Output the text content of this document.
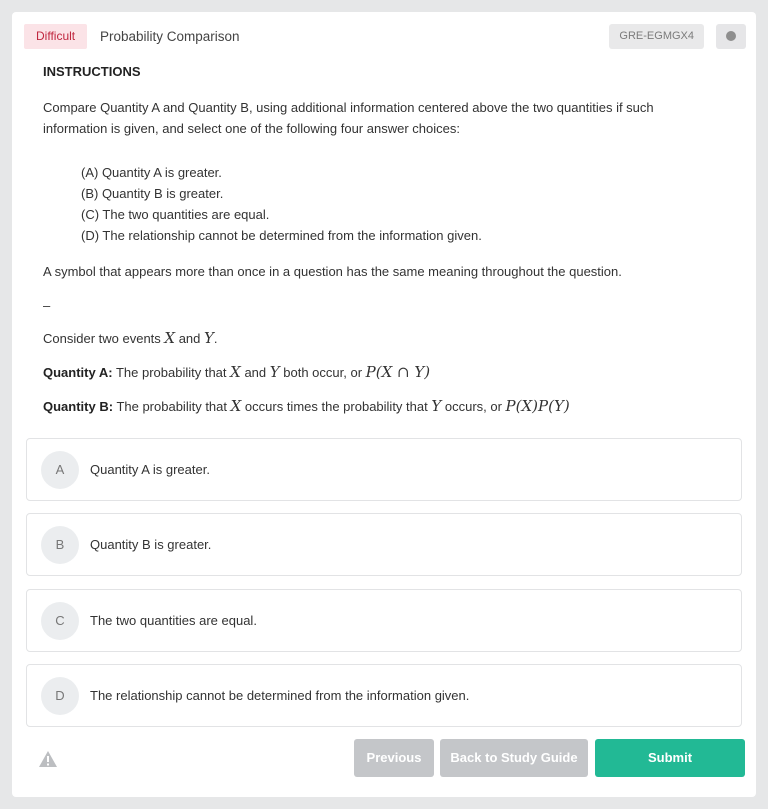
Difficult	Probability Comparison	GRE-EGMGX4
INSTRUCTIONS
Compare Quantity A and Quantity B, using additional information centered above the two quantities if such information is given, and select one of the following four answer choices:
(A) Quantity A is greater.
(B) Quantity B is greater.
(C) The two quantities are equal.
(D) The relationship cannot be determined from the information given.
A symbol that appears more than once in a question has the same meaning throughout the question.
–
Consider two events X and Y.
Quantity A: The probability that X and Y both occur, or P(X ∩ Y)
Quantity B: The probability that X occurs times the probability that Y occurs, or P(X)P(Y)
A	Quantity A is greater.
B	Quantity B is greater.
C	The two quantities are equal.
D	The relationship cannot be determined from the information given.
Previous	Back to Study Guide	Submit
